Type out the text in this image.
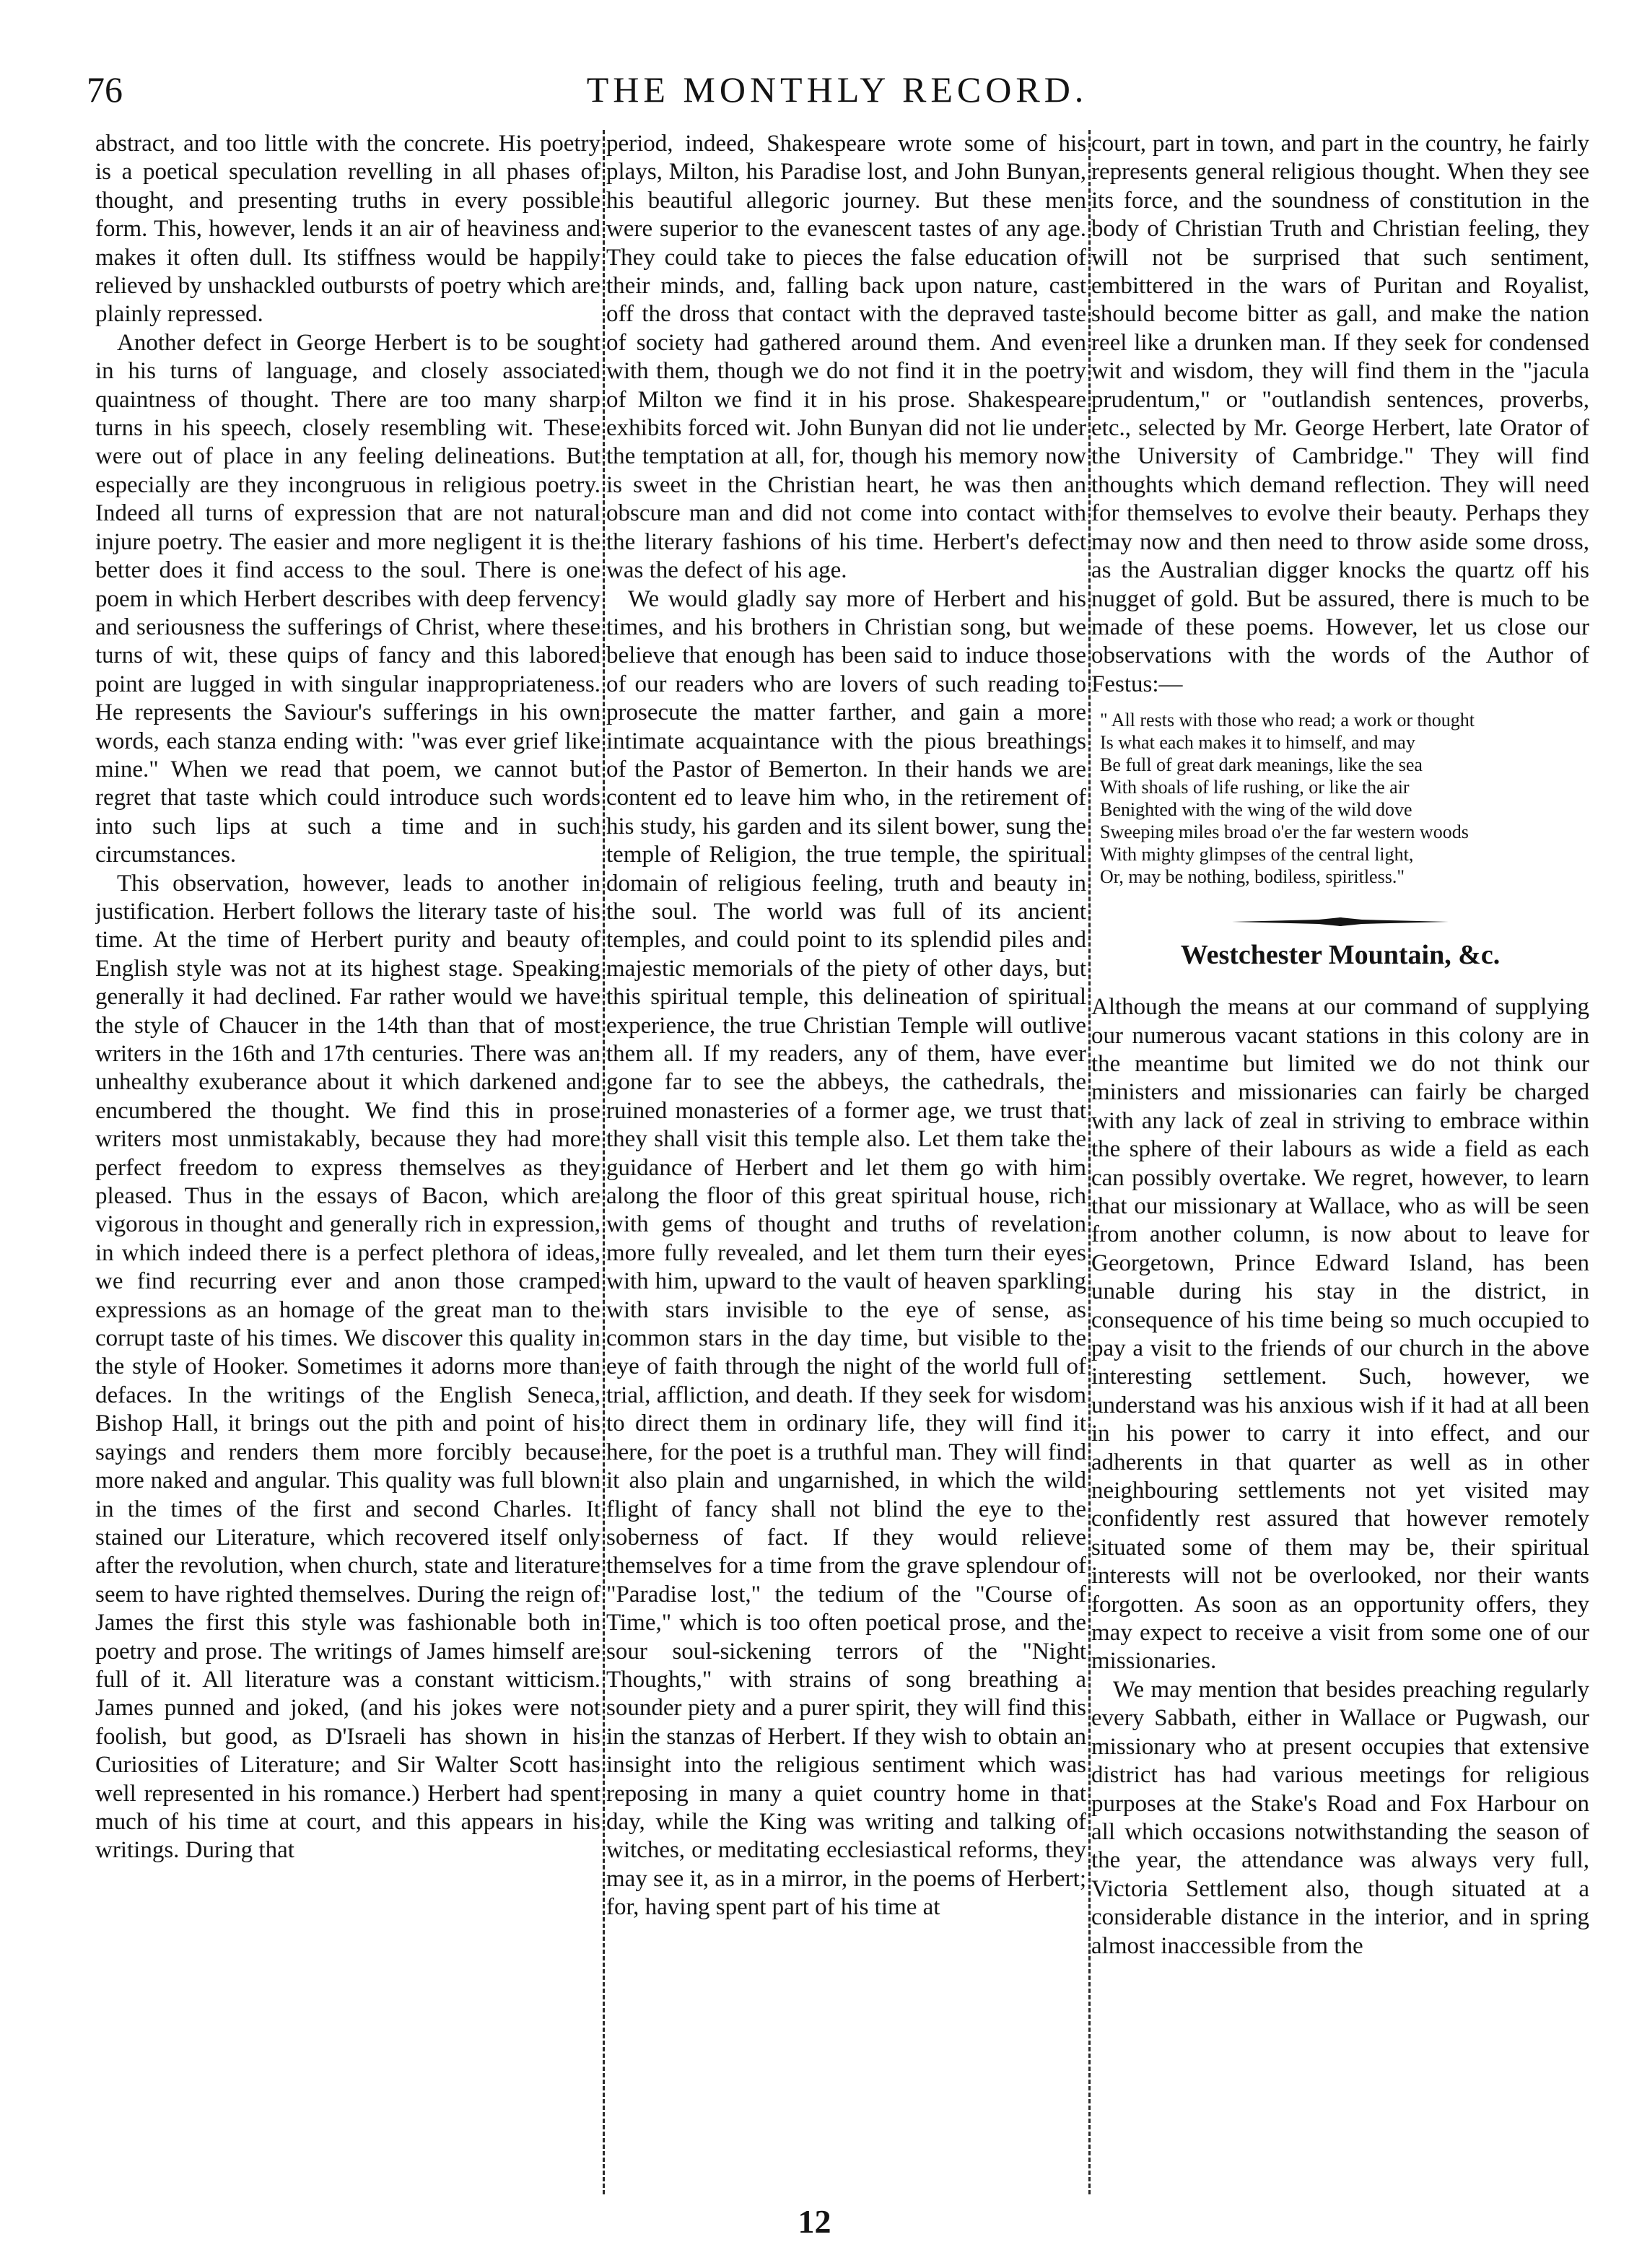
76	THE MONTHLY RECORD.

abstract, and too little with the concrete. His poetry is a poetical speculation revelling in all phases of thought, and presenting truths in every possible form. This, however, lends it an air of heaviness and makes it often dull. Its stiffness would be happily relieved by unshackled outbursts of poetry which are plainly repressed.

Another defect in George Herbert is to be sought in his turns of language, and closely associated quaintness of thought. There are too many sharp turns in his speech, closely resembling wit. These were out of place in any feeling delineations. But especially are they incongruous in religious poetry. Indeed all turns of expression that are not natural injure poetry. The easier and more negligent it is the better does it find access to the soul. There is one poem in which Herbert describes with deep fervency and seriousness the sufferings of Christ, where these turns of wit, these quips of fancy and this labored point are lugged in with singular inappropriateness. He represents the Saviour's sufferings in his own words, each stanza ending with: "was ever grief like mine." When we read that poem, we cannot but regret that taste which could introduce such words into such lips at such a time and in such circumstances.

This observation, however, leads to another in justification. Herbert follows the literary taste of his time. At the time of Herbert purity and beauty of English style was not at its highest stage. Speaking generally it had declined. Far rather would we have the style of Chaucer in the 14th than that of most writers in the 16th and 17th centuries. There was an unhealthy exuberance about it which darkened and encumbered the thought. We find this in prose writers most unmistakably, because they had more perfect freedom to express themselves as they pleased. Thus in the essays of Bacon, which are vigorous in thought and generally rich in expression, in which indeed there is a perfect plethora of ideas, we find recurring ever and anon those cramped expressions as an homage of the great man to the corrupt taste of his times. We discover this quality in the style of Hooker. Sometimes it adorns more than defaces. In the writings of the English Seneca, Bishop Hall, it brings out the pith and point of his sayings and renders them more forcibly because more naked and angular. This quality was full blown in the times of the first and second Charles. It stained our Literature, which recovered itself only after the revolution, when church, state and literature seem to have righted themselves. During the reign of James the first this style was fashionable both in poetry and prose. The writings of James himself are full of it. All literature was a constant witticism. James punned and joked, (and his jokes were not foolish, but good, as D'Israeli has shown in his Curiosities of Literature; and Sir Walter Scott has well represented in his romance.) Herbert had spent much of his time at court, and this appears in his writings. During that

period, indeed, Shakespeare wrote some of his plays, Milton, his Paradise lost, and John Bunyan, his beautiful allegoric journey. But these men were superior to the evanescent tastes of any age. They could take to pieces the false education of their minds, and, falling back upon nature, cast off the dross that contact with the depraved taste of society had gathered around them. And even with them, though we do not find it in the poetry of Milton we find it in his prose. Shakespeare exhibits forced wit. John Bunyan did not lie under the temptation at all, for, though his memory now is sweet in the Christian heart, he was then an obscure man and did not come into contact with the literary fashions of his time. Herbert's defect was the defect of his age.

We would gladly say more of Herbert and his times, and his brothers in Christian song, but we believe that enough has been said to induce those of our readers who are lovers of such reading to prosecute the matter farther, and gain a more intimate acquaintance with the pious breathings of the Pastor of Bemerton. In their hands we are content ed to leave him who, in the retirement of his study, his garden and its silent bower, sung the temple of Religion, the true temple, the spiritual domain of religious feeling, truth and beauty in the soul. The world was full of its ancient temples, and could point to its splendid piles and majestic memorials of the piety of other days, but this spiritual temple, this delineation of spiritual experience, the true Christian Temple will outlive them all. If my readers, any of them, have ever gone far to see the abbeys, the cathedrals, the ruined monasteries of a former age, we trust that they shall visit this temple also. Let them take the guidance of Herbert and let them go with him along the floor of this great spiritual house, rich with gems of thought and truths of revelation more fully revealed, and let them turn their eyes with him, upward to the vault of heaven sparkling with stars invisible to the eye of sense, as common stars in the day time, but visible to the eye of faith through the night of the world full of trial, affliction, and death. If they seek for wisdom to direct them in ordinary life, they will find it here, for the poet is a truthful man. They will find it also plain and ungarnished, in which the wild flight of fancy shall not blind the eye to the soberness of fact. If they would relieve themselves for a time from the grave splendour of "Paradise lost," the tedium of the "Course of Time," which is too often poetical prose, and the sour soul-sickening terrors of the "Night Thoughts," with strains of song breathing a sounder piety and a purer spirit, they will find this in the stanzas of Herbert. If they wish to obtain an insight into the religious sentiment which was reposing in many a quiet country home in that day, while the King was writing and talking of witches, or meditating ecclesiastical reforms, they may see it, as in a mirror, in the poems of Herbert; for, having spent part of his time at

court, part in town, and part in the country, he fairly represents general religious thought. When they see its force, and the soundness of constitution in the body of Christian Truth and Christian feeling, they will not be surprised that such sentiment, embittered in the wars of Puritan and Royalist, should become bitter as gall, and make the nation reel like a drunken man. If they seek for condensed wit and wisdom, they will find them in the "jacula prudentum," or "outlandish sentences, proverbs, etc., selected by Mr. George Herbert, late Orator of the University of Cambridge." They will find thoughts which demand reflection. They will need for themselves to evolve their beauty. Perhaps they may now and then need to throw aside some dross, as the Australian digger knocks the quartz off his nugget of gold. But be assured, there is much to be made of these poems. However, let us close our observations with the words of the Author of Festus:—

" All rests with those who read; a work or thought
Is what each makes it to himself, and may
Be full of great dark meanings, like the sea
With shoals of life rushing, or like the air
Benighted with the wing of the wild dove
Sweeping miles broad o'er the far western woods
With mighty glimpses of the central light,
Or, may be nothing, bodiless, spiritless."
Westchester Mountain, &c.

Although the means at our command of supplying our numerous vacant stations in this colony are in the meantime but limited we do not think our ministers and missionaries can fairly be charged with any lack of zeal in striving to embrace within the sphere of their labours as wide a field as each can possibly overtake. We regret, however, to learn that our missionary at Wallace, who as will be seen from another column, is now about to leave for Georgetown, Prince Edward Island, has been unable during his stay in the district, in consequence of his time being so much occupied to pay a visit to the friends of our church in the above interesting settlement. Such, however, we understand was his anxious wish if it had at all been in his power to carry it into effect, and our adherents in that quarter as well as in other neighbouring settlements not yet visited may confidently rest assured that however remotely situated some of them may be, their spiritual interests will not be overlooked, nor their wants forgotten. As soon as an opportunity offers, they may expect to receive a visit from some one of our missionaries.

We may mention that besides preaching regularly every Sabbath, either in Wallace or Pugwash, our missionary who at present occupies that extensive district has had various meetings for religious purposes at the Stake's Road and Fox Harbour on all which occasions notwithstanding the season of the year, the attendance was always very full, Victoria Settlement also, though situated at a considerable distance in the interior, and in spring almost inaccessible from the

12
